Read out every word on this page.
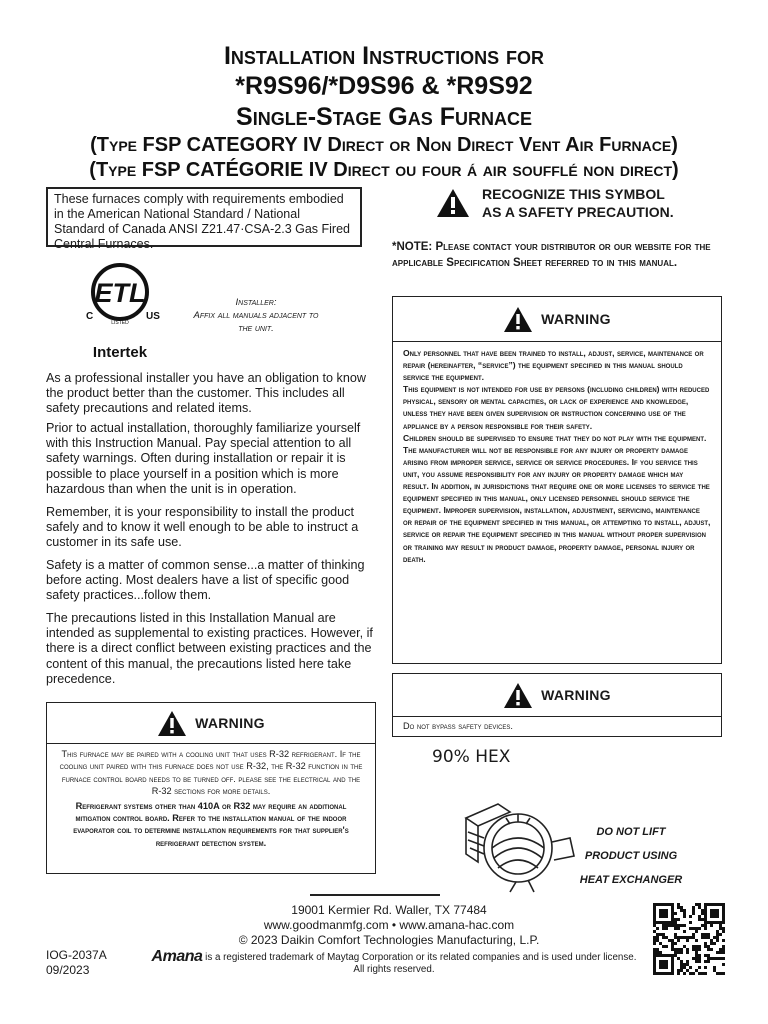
Installation Instructions for
*R9S96/*D9S96 & *R9S92
Single-Stage Gas Furnace
(Type FSP CATEGORY IV Direct or Non Direct Vent Air Furnace)
(Type FSP CATÉGORIE IV Direct ou four á air soufflé non direct)
These furnaces comply with requirements embodied in the American National Standard / National Standard of Canada ANSI Z21.47·CSA-2.3 Gas Fired Central Furnaces.
ETL
C	US
LISTED
Intertek
Installer:
Affix all manuals adjacent to the unit.
As a professional installer you have an obligation to know the product better than the customer. This includes all safety precautions and related items.
Prior to actual installation, thoroughly familiarize yourself with this Instruction Manual. Pay special attention to all safety warnings. Often during installation or repair it is possible to place yourself in a position which is more hazardous than when the unit is in operation.
Remember, it is your responsibility to install the product safely and to know it well enough to be able to instruct a customer in its safe use.
Safety is a matter of common sense...a matter of thinking before acting. Most dealers have a list of specific good safety practices...follow them.
The precautions listed in this Installation Manual are intended as supplemental to existing practices. However, if there is a direct conflict between existing practices and the content of this manual, the precautions listed here take precedence.
WARNING
This furnace may be paired with a cooling unit that uses R-32 refrigerant. If the cooling unit paired with this furnace does not use R-32, the R-32 function in the furnace control board needs to be turned off. please see the electrical and the R-32 sections for more details.
Refrigerant systems other than 410A or R32 may require an additional mitigation control board. Refer to the installation manual of the indoor evaporator coil to determine installation requirements for that supplier's refrigerant detection system.
RECOGNIZE THIS SYMBOL
AS A SAFETY PRECAUTION.
*NOTE: Please contact your distributor or our website for the applicable Specification Sheet referred to in this manual.
WARNING
Only personnel that have been trained to install, adjust, service, maintenance or repair (hereinafter, “service”) the equipment specified in this manual should service the equipment.
This equipment is not intended for use by persons (including children) with reduced physical, sensory or mental capacities, or lack of experience and knowledge, unless they have been given supervision or instruction concerning use of the appliance by a person responsible for their safety.
Children should be supervised to ensure that they do not play with the equipment.
The manufacturer will not be responsible for any injury or property damage arising from improper service, service or service procedures. If you service this unit, you assume responsibility for any injury or property damage which may result. In addition, in jurisdictions that require one or more licenses to service the equipment specified in this manual, only licensed personnel should service the equipment. Improper supervision, installation, adjustment, servicing, maintenance or repair of the equipment specified in this manual, or attempting to install, adjust, service or repair the equipment specified in this manual without proper supervision or training may result in product damage, property damage, personal injury or death.
WARNING
Do not bypass safety devices.
90% HEX
DO NOT LIFT
PRODUCT USING
HEAT EXCHANGER
19001 Kermier Rd. Waller, TX 77484
www.goodmanmfg.com • www.amana-hac.com
© 2023 Daikin Comfort Technologies Manufacturing, L.P.
IOG-2037A
09/2023
Amana is a registered trademark of Maytag Corporation or its related companies and is used under license.
All rights reserved.
